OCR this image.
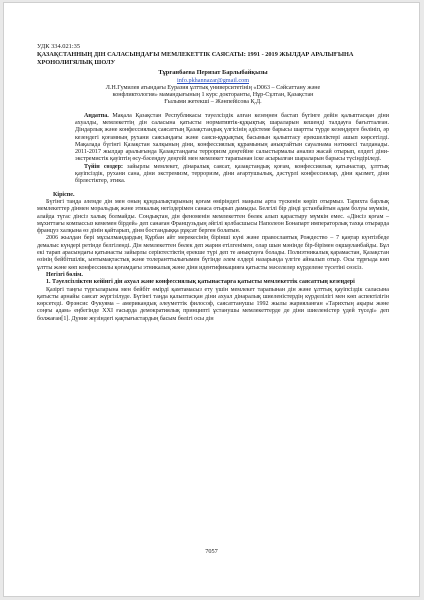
УДК 334.021:35
ҚАЗАҚСТАННЫҢ ДІН САЛАСЫНДАҒЫ МЕМЛЕКЕТТІК САЯСАТЫ: 1991 - 2019 ЖЫЛДАР АРАЛЫҒЫНА ХРОНОЛИГЯЛЫҚ ШОЛУ
Тұрғанбаева Перизат Барлыбайқызы
info.pkhannazar@gmail.com
Л.Н.Гумилев атындағы Еуразия ұлттық университетінің «D063 – Сәйсаттану және
конфликтология» мамандығының 1 курс докторанты, Нұр-Сұлтан, Қазақстан
Ғылыми жетекші – Жәнпейісова Қ.Д.

Аңдатпа. Мақала Қазақстан Республикасы тәуелсіздік алған кезеңнен бастап бүгінге дейін қалыптасқан діни ахуалды, мемлекеттің дін саласына қатысты нормативтік-құқықтық шараларын кешенді талдауға бағытталған. Діндарлық және конфессиялық саясаттың Қазақстандық үлгісінің әдістеме барысы шартты түрде кезеңдерге бөлініп, әр кезеңдегі қоғамның рухани саясындағы және саяси-құқықтық басымын қалыптасу ерекшеліктері ашып көрсетілді. Мақалада бүгінгі Қазақстан халқының діни, конфессиялық құрамының анықтайтын сауалнама нәтижесі талданады. 2011-2017 жылдар аралығында Қазақстандағы терроризм деңгейіне салыстырмалы анализ жасай отырып, елдегі діни-экстремистік қауіптің өсу-бәсеңдеу деңгейі мен мемлекет тарапынан іске асырылған шараларын барысы түсіндіріледі.

Түйін сөздер: зайырлы мемлекет, дінаралық саясат, қазақстандық қоғам, конфессиялық қатынастар, ұлттық қауіпсіздік, рухани сана, діни экстремизм, терроризм, діни ағартушылық, дәстүрлі конфессиялар, діни қызмет, діни бірлестіктер, этика.

Кіріспе.

Бүгінгі таңда әлемде дін мен оның құндылықтарының қоғам өміріндегі маңызы арта түскенін көріп отырмыз. Тарихта барлық мемлекеттер дінмен моральдық және этикалық негіздерімен санаса отырып дамыды. Белгілі бір дінді ұстанбайтын адам болуы мүмкін, алайда түгас дінсіз халық болмайды. Сондықтан, дін феноменін мемлекеттен бөлек алып қарастыру мүмкін емес. «Дінсіз қоғам – мұхиттағы компассыз кемемен бірдей» деп санаған Французьдың әйгілі қолбасшысы Наполеон Бонапарт императорлық тахқа отырарда француз халқына өз дінін қайтарып, дінм бостандыққа рұқсат берген болатын.

2006 жылдан бері мұсылмандардың Құрбан айт мерекесінің бірінші күні және православтық Рождество – 7 қаңтар күнтізбеде демалыс күндері ретінде белгіленді. Дін мемлекеттен бөлек деп жария етілгенімен, олар шын мәнінде бір-бірімен оқшауланбайды. Бұл екі тарап арасындағы қатынасты зайырлы серіктестіктің ерекше түрі деп те анықтауға болады. Полиэтникалық қарамастан, Қазақстан өзінің бейбітшілік, ынтымақтастық және толеранттылығымен бүгінде әлем елдері назарында үлгіге айналып отыр. Осы тұрғыда көп ұлтты және көп конфессиялы қоғамдағы этникалық және діни идентификацияға қатысты мәселелер күрделене түсетіні сөзсіз.

Негізгі бөлім.
1. Тәуелсізліктен кейінгі дін ахуал және конфессиялық қатынастарға қатысты мемлекеттік саясаттың кезеңдері

Қазіргі таңғы түргыларына мен бейбіт өмірді қамтамасыз ету үшін мемлекет тарапынан дін және ұлттық қауіпсіздік саласына қатысты арнайы саясат жүргізілуде. Бүгінгі таңда қалыптасқан діни ахуал дінаралық шиеленістердің күрделілігі мен көп аспектілігін көрсетеді. Фрэнсис Фукуяма – американдық әлеуметтік философ, саясаттанушы 1992 жылы жарияланған «Тарихтың ақыры және соңғы адам» еңбегінде XXI ғасырда демократиялық принципті ұстанушы мемлекеттерде де діни шиеленістер үдей түседі» деп болжаған[1]. Дүние жүзіндегі қақтығыстардың басым бөлігі осы дін

7057
